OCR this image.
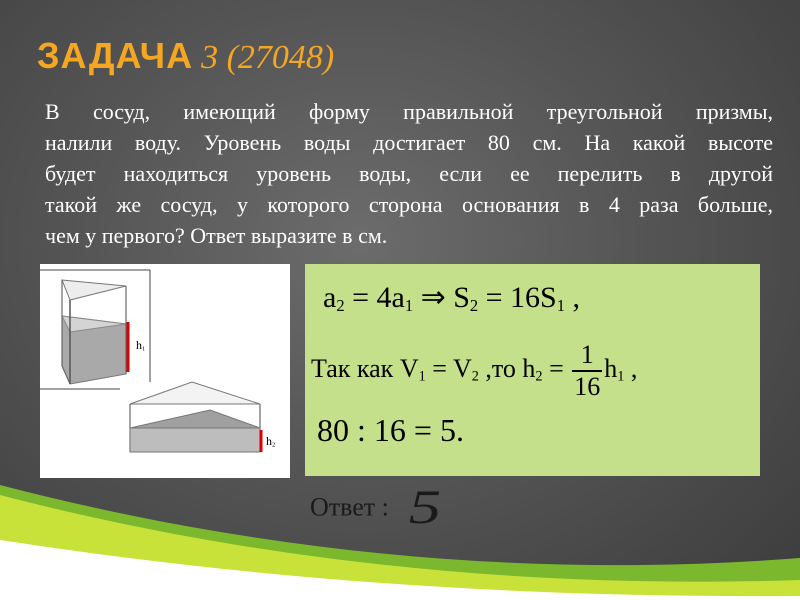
ЗАДАЧА 3 (27048)
В сосуд, имеющий форму правильной треугольной призмы,
налили воду. Уровень воды достигает 80 см. На какой высоте
будет находиться уровень воды, если ее перелить в другой
такой же сосуд, у которого сторона основания в 4 раза больше,
чем у первого? Ответ выразите в см.
$h_1$
$h_2$
$a_2 = 4a_1$ ⇒ $S_2 = 16S_1$ ,
Так как $V_1 = V_2$ ,то $h_2 = \frac{1}{16} h_1$ ,
80 : 16 = 5.
Ответ : 5
